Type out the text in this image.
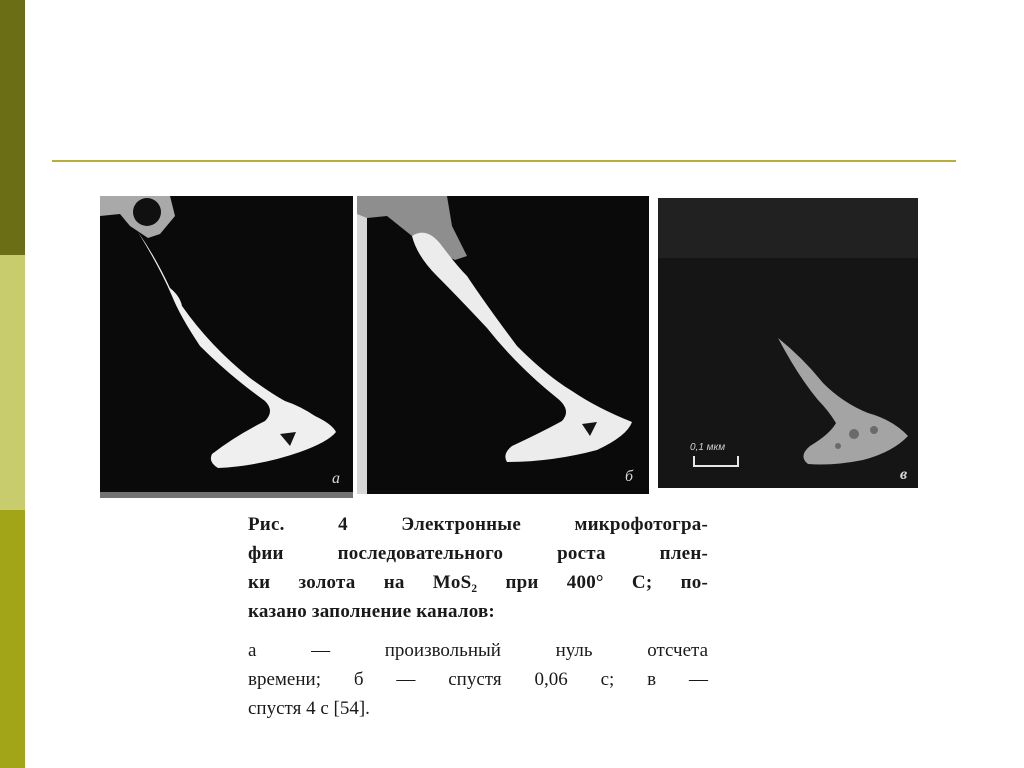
а	б
0,1 мкм
в

Рис. 4 Электронные микрофотогра-

фии последовательного роста плен-

ки золота на MoS₂ при 400° С; по-

казано заполнение каналов:

а — произвольный нуль отсчета

времени; б — спустя 0,06 с; в —

спустя 4 с [54].
